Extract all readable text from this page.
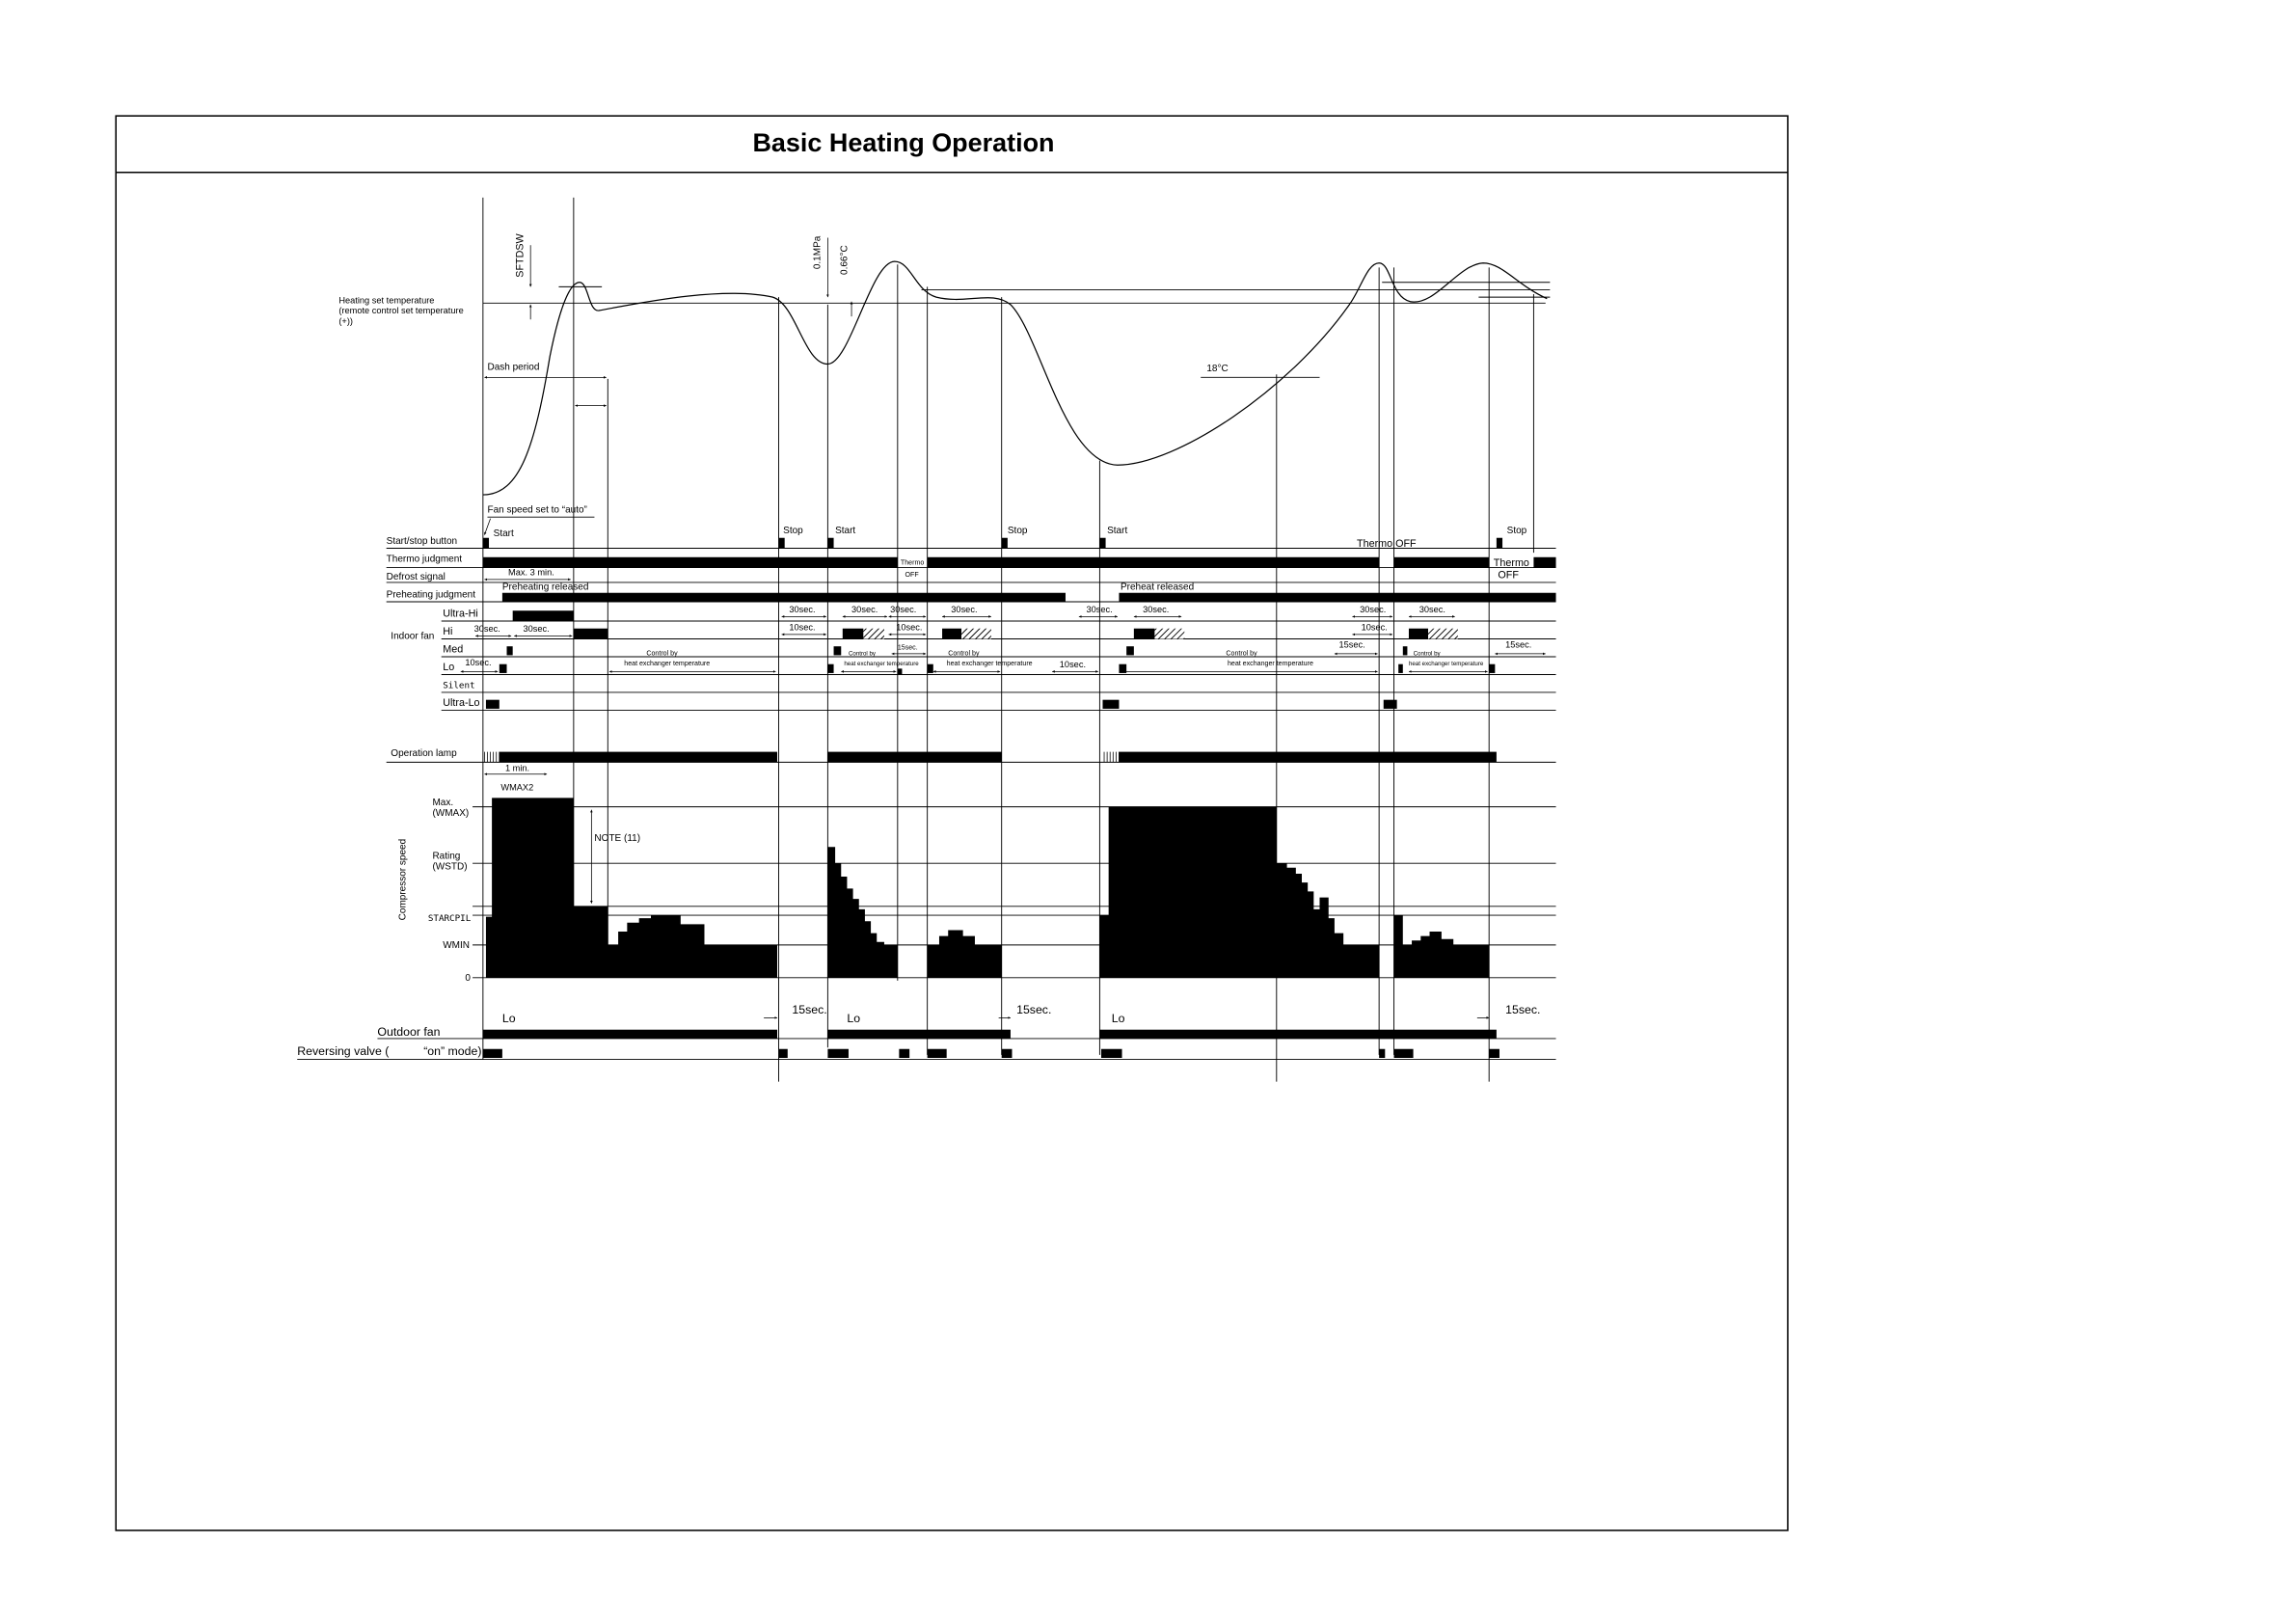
Basic Heating Operation
Heating set temperature
(remote control set temperature
(+))
Start/stop button
Thermo judgment
Defrost signal
Preheating judgment
Indoor fan
Ultra-Hi
Hi
Med
Lo
Silent
Ultra-Lo
Operation lamp
Max.
(WMAX)
Rating
(WSTD)
Compressor speed	STARCPIL
WMIN
0
Outdoor fan
Reversing valve (	“on” mode)
SFTDSW
Dash period
0.1MPa	0.66°C
18°C
Fan speed set to “auto”
Start	Stop	Start	Stop	Start
Thermo OFF
Stop
Thermo
OFF
Thermo
OFF
Max. 3 min.
Preheating released	Preheat released
30sec.	30sec. 30sec.	30sec.	30sec.	30sec.	30sec.	30sec.
30sec.	30sec.	10sec.	10sec.	10sec.
10sec.	10sec.
15sec.	15sec.	15sec.
Control by
heat exchanger temperature
Control by
heat exchanger temperature
Control by
heat exchanger temperature
Control by
heat exchanger temperature
Control by
heat exchanger temperature
1 min.
WMAX2
NOTE (11)
Lo	Lo	Lo
15sec.	15sec.	15sec.
